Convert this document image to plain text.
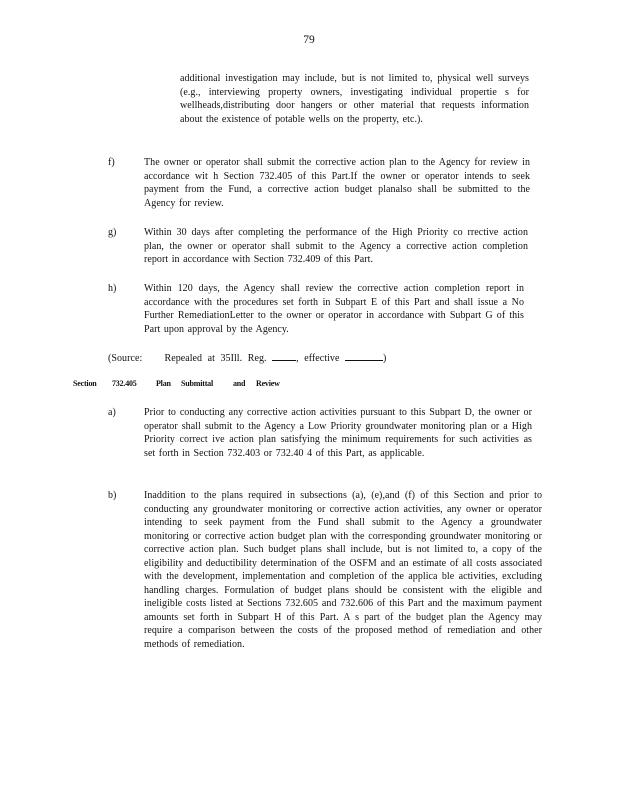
79
additional investigation may include, but is not limited to, physical well surveys (e.g., interviewing property owners, investigating individual propertie s for wellheads,distributing door hangers or other material that requests information about the existence of potable wells on the property, etc.).
f)	The owner or operator shall submit the corrective action plan to the Agency for review in accordance wit h Section 732.405 of this Part.If the owner or operator intends to seek payment from the Fund, a corrective action budget planalso shall be submitted to the Agency for review.
g)	Within 30 days after completing the performance of the High Priority co rrective action plan, the owner or operator shall submit to the Agency a corrective action completion report in accordance with Section 732.409 of this Part.
h)	Within 120 days, the Agency shall review the corrective action completion report in accordance with the procedures set forth in Subpart E of this Part and shall issue a No Further RemediationLetter to the owner or operator in accordance with Subpart G of this Part upon approval by the Agency.
(Source: Repealed at 35Ill. Reg.	, effective	)
Section 732.405 Plan Submittal	and Review
a)	Prior to conducting any corrective action activities pursuant to this Subpart D, the owner or operator shall submit to the Agency a Low Priority groundwater monitoring plan or a High Priority correct ive action plan satisfying the minimum requirements for such activities as set forth in Section 732.403 or 732.40 4 of this Part, as applicable.
b)	Inaddition to the plans required in subsections (a), (e),and (f) of this Section and prior to conducting any groundwater monitoring or corrective action activities, any owner or operator intending to seek payment from the Fund shall submit to the Agency a groundwater monitoring or corrective action budget plan with the corresponding groundwater monitoring or corrective action plan. Such budget plans shall include, but is not limited to, a copy of the eligibility and deductibility determination of the OSFM and an estimate of all costs associated with the development, implementation and completion of the applica ble activities, excluding handling charges. Formulation of budget plans should be consistent with the eligible and ineligible costs listed at Sections 732.605 and 732.606 of this Part and the maximum payment amounts set forth in Subpart H of this Part. A s part of the budget plan the Agency may require a comparison between the costs of the proposed method of remediation and other methods of remediation.
